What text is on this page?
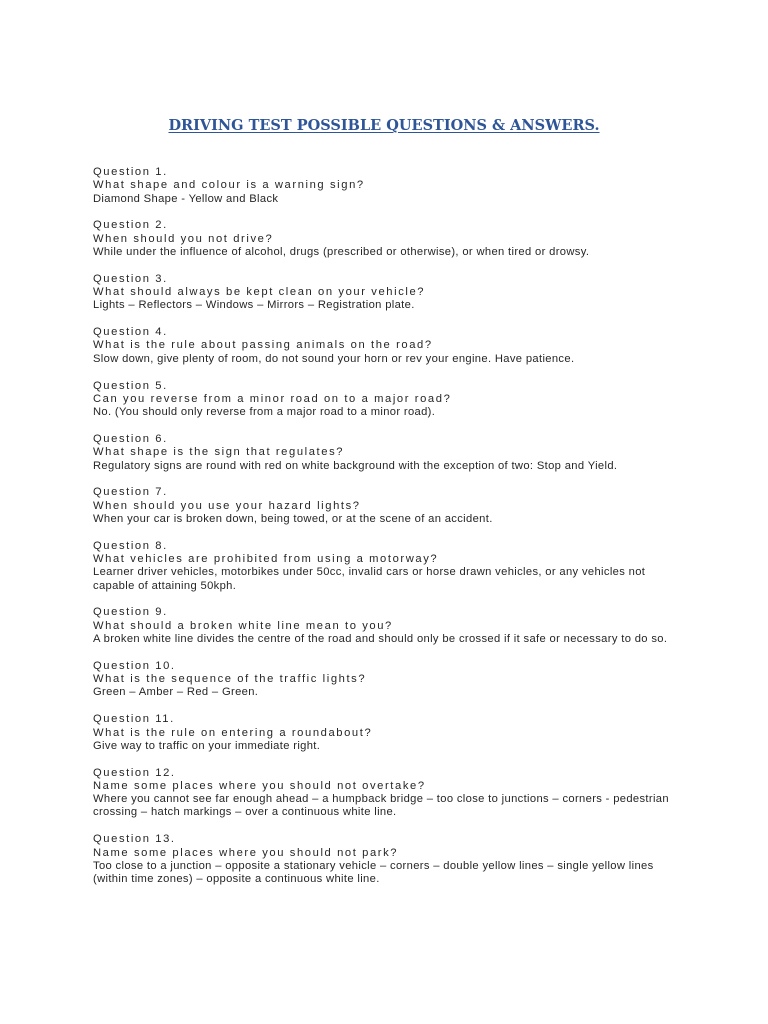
DRIVING TEST POSSIBLE QUESTIONS & ANSWERS.
Question 1.
What shape and colour is a warning sign?
Diamond Shape - Yellow and Black
Question 2.
When should you not drive?
While under the influence of alcohol, drugs (prescribed or otherwise), or when tired or drowsy.
Question 3.
What should always be kept clean on your vehicle?
Lights – Reflectors – Windows – Mirrors – Registration plate.
Question 4.
What is the rule about passing animals on the road?
Slow down, give plenty of room, do not sound your horn or rev your engine. Have patience.
Question 5.
Can you reverse from a minor road on to a major road?
No. (You should only reverse from a major road to a minor road).
Question 6.
What shape is the sign that regulates?
Regulatory signs are round with red on white background with the exception of two: Stop and Yield.
Question 7.
When should you use your hazard lights?
When your car is broken down, being towed, or at the scene of an accident.
Question 8.
What vehicles are prohibited from using a motorway?
Learner driver vehicles, motorbikes under 50cc, invalid cars or horse drawn vehicles, or any vehicles not capable of attaining 50kph.
Question 9.
What should a broken white line mean to you?
A broken white line divides the centre of the road and should only be crossed if it safe or necessary to do so.
Question 10.
What is the sequence of the traffic lights?
Green – Amber – Red – Green.
Question 11.
What is the rule on entering a roundabout?
Give way to traffic on your immediate right.
Question 12.
Name some places where you should not overtake?
Where you cannot see far enough ahead – a humpback bridge – too close to junctions – corners - pedestrian crossing – hatch markings – over a continuous white line.
Question 13.
Name some places where you should not park?
Too close to a junction – opposite a stationary vehicle – corners – double yellow lines – single yellow lines (within time zones) – opposite a continuous white line.
